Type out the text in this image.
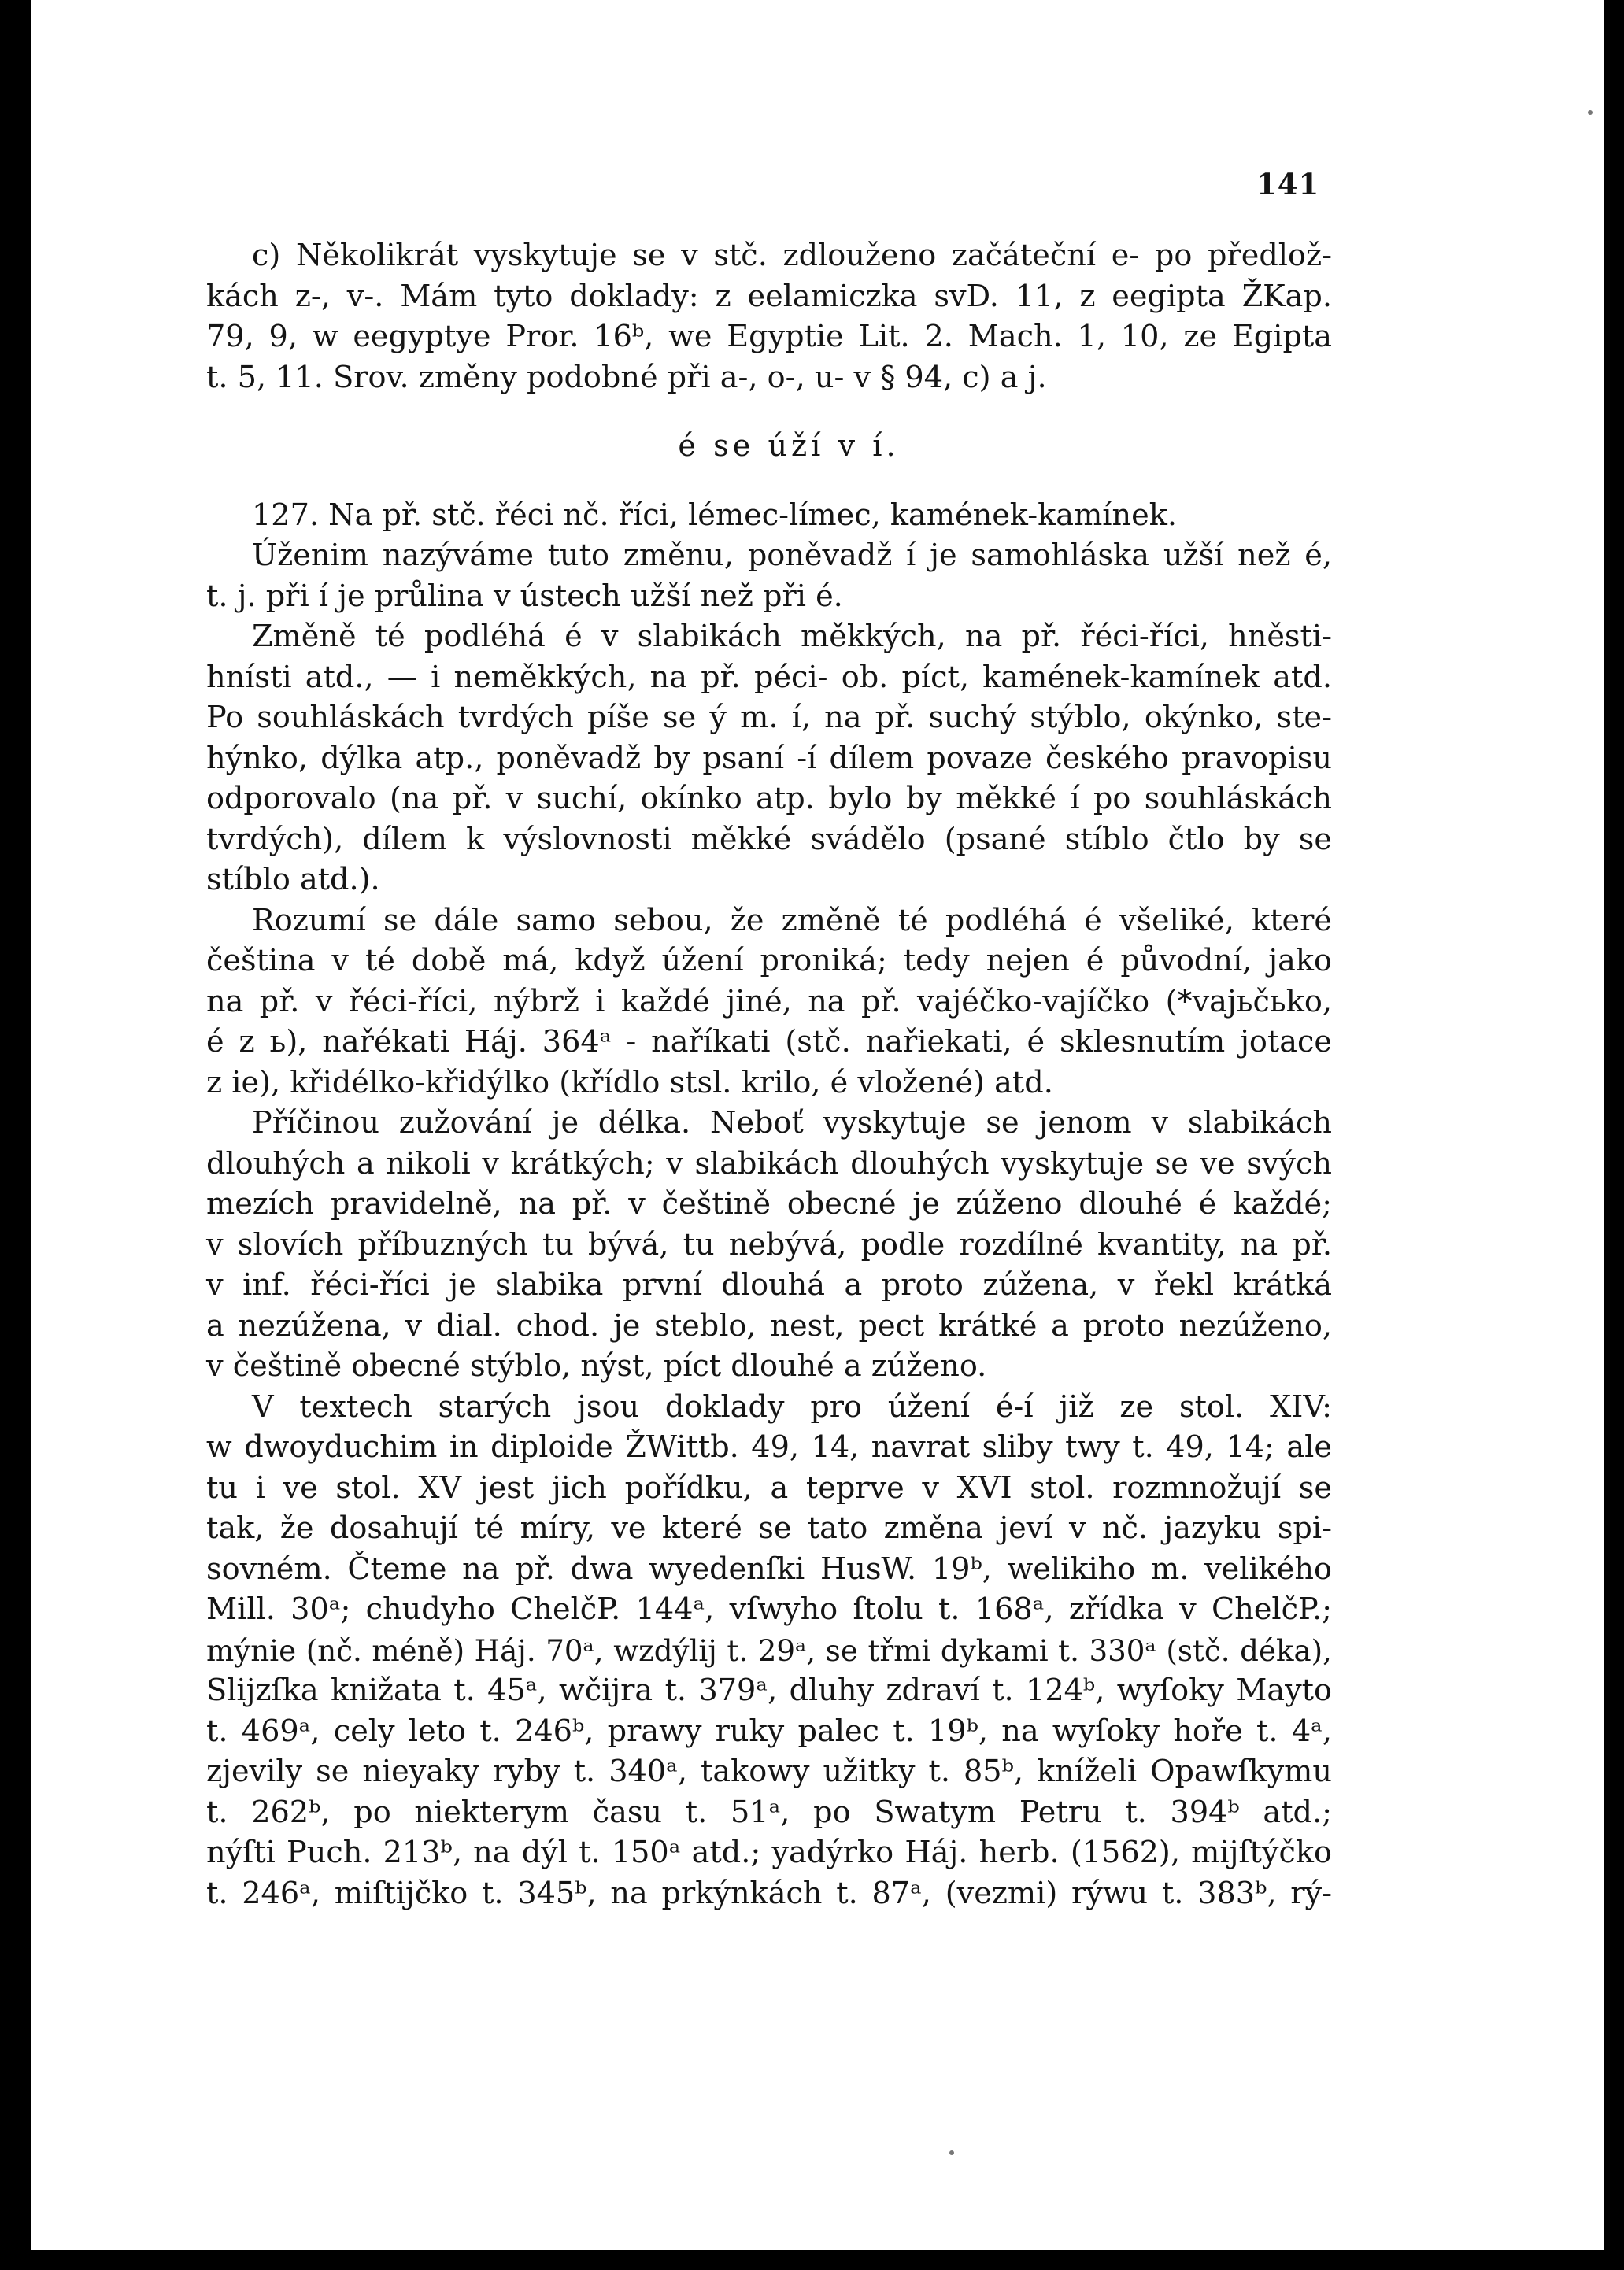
141
c) Několikrát vyskytuje se v stč. zdlouženo začáteční e- po předlož-
kách z-, v-. Mám tyto doklady: z eelamiczka svD. 11, z eegipta ŽKap.
79, 9, w eegyptye Pror. 16ᵇ, we Egyptie Lit. 2. Mach. 1, 10, ze Egipta
t. 5, 11. Srov. změny podobné při a-, o-, u- v § 94, c) a j.
é se úží v í.
127. Na př. stč. řéci nč. říci, lémec-límec, kamének-kamínek.
Úženim nazýváme tuto změnu, poněvadž í je samohláska užší než é,
t. j. při í je průlina v ústech užší než při é.
Změně té podléhá é v slabikách měkkých, na př. řéci-říci, hněsti-
hnísti atd., — i neměkkých, na př. péci- ob. píct, kamének-kamínek atd.
Po souhláskách tvrdých píše se ý m. í, na př. suchý stýblo, okýnko, ste-
hýnko, dýlka atp., poněvadž by psaní -í dílem povaze českého pravopisu
odporovalo (na př. v suchí, okínko atp. bylo by měkké í po souhláskách
tvrdých), dílem k výslovnosti měkké svádělo (psané stíblo čtlo by se
stíblo atd.).
Rozumí se dále samo sebou, že změně té podléhá é všeliké, které
čeština v té době má, když úžení proniká; tedy nejen é původní, jako
na př. v řéci-říci, nýbrž i každé jiné, na př. vajéčko-vajíčko (*vajьčьko,
é z ь), nařékati Háj. 364ᵃ - naříkati (stč. nařiekati, é sklesnutím jotace
z ie), křidélko-křidýlko (křídlo stsl. krilo, é vložené) atd.
Příčinou zužování je délka. Neboť vyskytuje se jenom v slabikách
dlouhých a nikoli v krátkých; v slabikách dlouhých vyskytuje se ve svých
mezích pravidelně, na př. v češtině obecné je zúženo dlouhé é každé;
v slovích příbuzných tu bývá, tu nebývá, podle rozdílné kvantity, na př.
v inf. řéci-říci je slabika první dlouhá a proto zúžena, v řekl krátká
a nezúžena, v dial. chod. je steblo, nest, pect krátké a proto nezúženo,
v češtině obecné stýblo, nýst, píct dlouhé a zúženo.
V textech starých jsou doklady pro úžení é-í již ze stol. XIV:
w dwoyduchim in diploide ŽWittb. 49, 14, navrat sliby twy t. 49, 14; ale
tu i ve stol. XV jest jich pořídku, a teprve v XVI stol. rozmnožují se
tak, že dosahují té míry, ve které se tato změna jeví v nč. jazyku spi-
sovném. Čteme na př. dwa wyedenſki HusW. 19ᵇ, welikiho m. velikého
Mill. 30ᵃ; chudyho ChelčP. 144ᵃ, vſwyho ſtolu t. 168ᵃ, zřídka v ChelčP.;
mýnie (nč. méně) Háj. 70ᵃ, wzdýlij t. 29ᵃ, se třmi dykami t. 330ᵃ (stč. déka),
Slijzſka knižata t. 45ᵃ, wčijra t. 379ᵃ, dluhy zdraví t. 124ᵇ, wyſoky Mayto
t. 469ᵃ, cely leto t. 246ᵇ, prawy ruky palec t. 19ᵇ, na wyſoky hoře t. 4ᵃ,
zjevily se nieyaky ryby t. 340ᵃ, takowy užitky t. 85ᵇ, kníželi Opawſkymu
t. 262ᵇ, po niekterym času t. 51ᵃ, po Swatym Petru t. 394ᵇ atd.;
nýſti Puch. 213ᵇ, na dýl t. 150ᵃ atd.; yadýrko Háj. herb. (1562), mijſtýčko
t. 246ᵃ, miſtijčko t. 345ᵇ, na prkýnkách t. 87ᵃ, (vezmi) rýwu t. 383ᵇ, rý-
